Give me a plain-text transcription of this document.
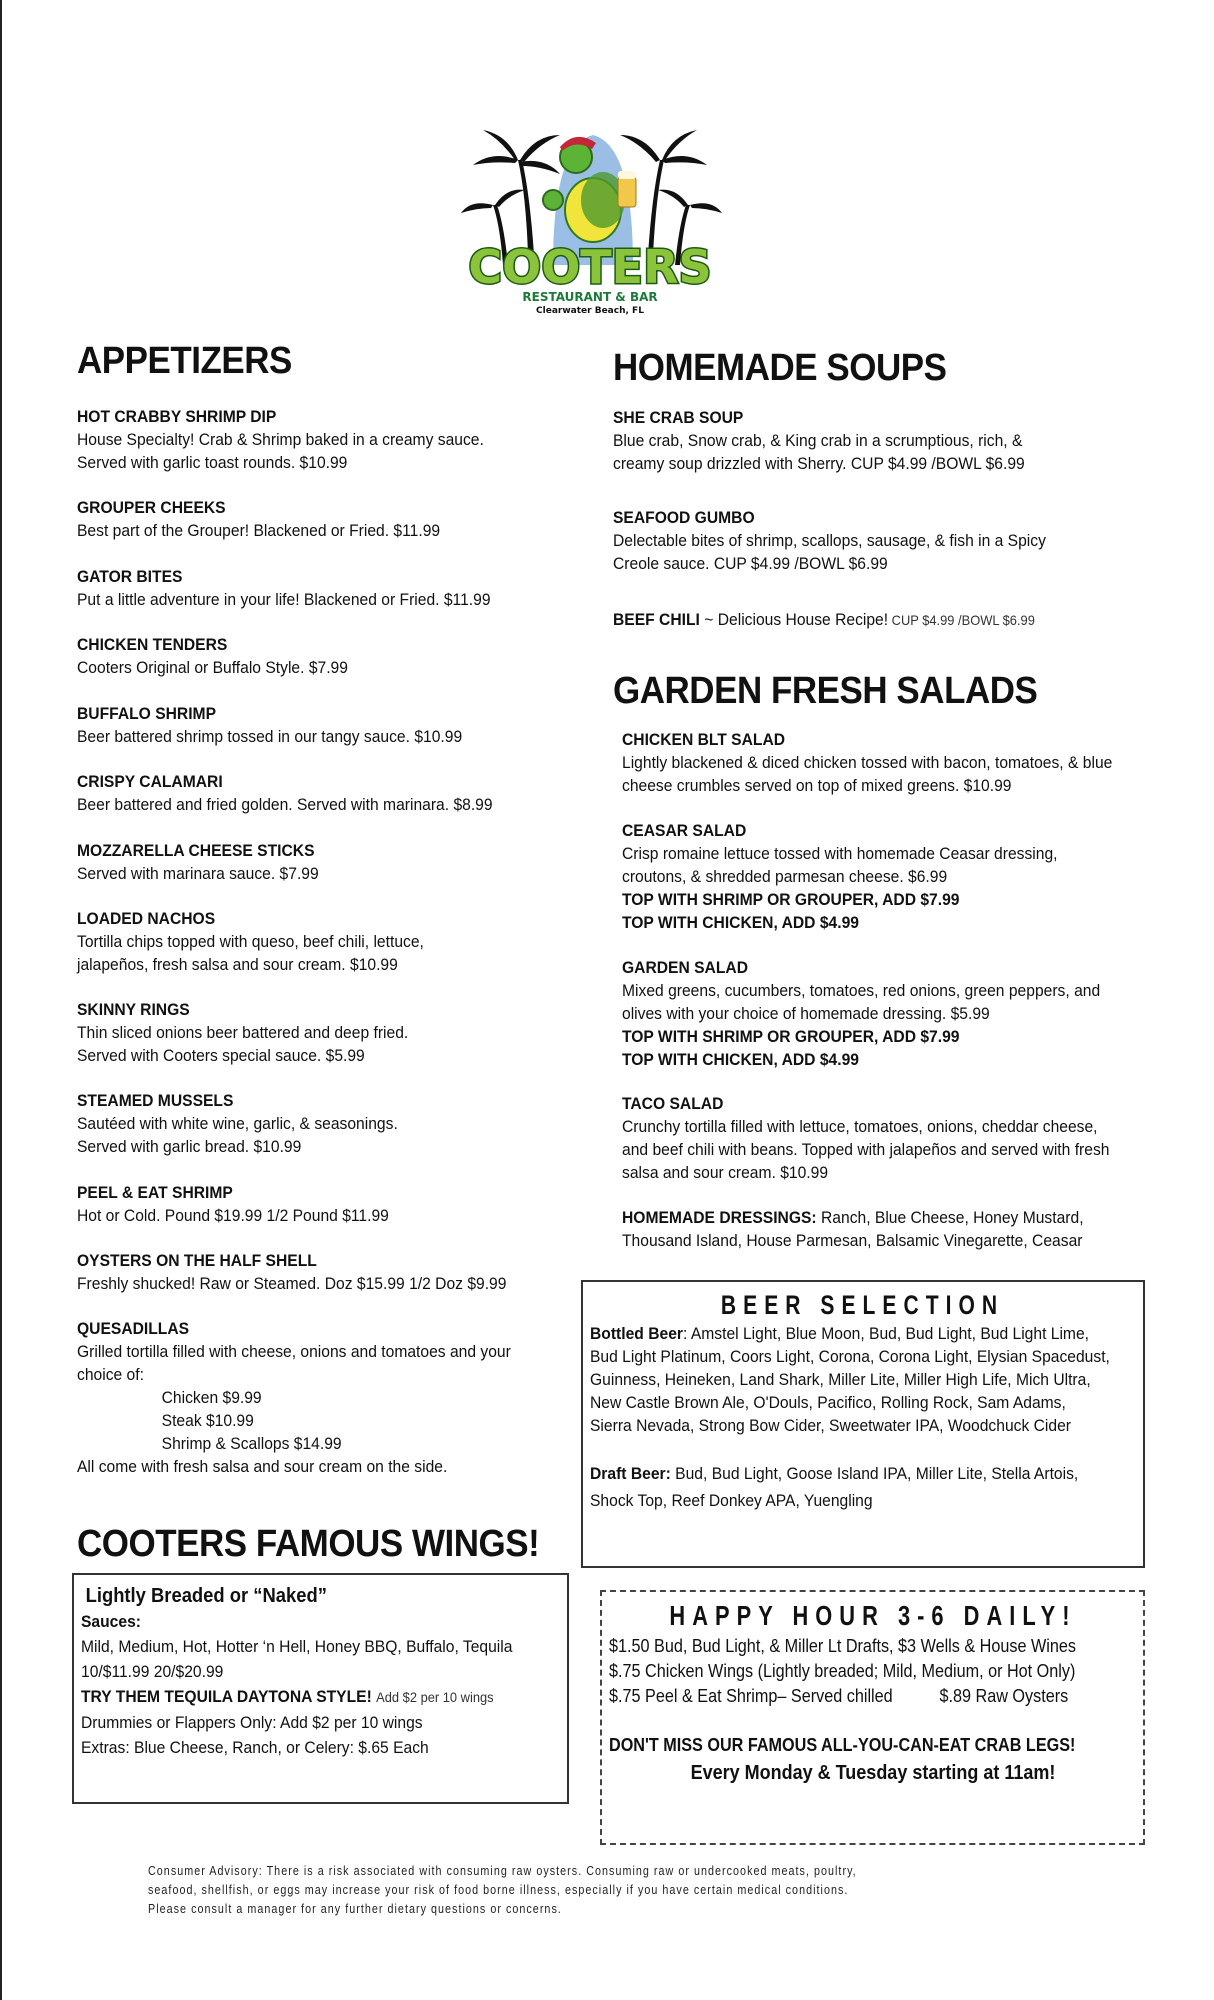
COOTERS
RESTAURANT & BAR
Clearwater Beach, FL
APPETIZERS
HOT CRABBY SHRIMP DIP
House Specialty! Crab & Shrimp baked in a creamy sauce.
Served with garlic toast rounds. $10.99
GROUPER CHEEKS
Best part of the Grouper! Blackened or Fried. $11.99
GATOR BITES
Put a little adventure in your life! Blackened or Fried. $11.99
CHICKEN TENDERS
Cooters Original or Buffalo Style. $7.99
BUFFALO SHRIMP
Beer battered shrimp tossed in our tangy sauce. $10.99
CRISPY CALAMARI
Beer battered and fried golden. Served with marinara. $8.99
MOZZARELLA CHEESE STICKS
Served with marinara sauce. $7.99
LOADED NACHOS
Tortilla chips topped with queso, beef chili, lettuce,
jalapeños, fresh salsa and sour cream. $10.99
SKINNY RINGS
Thin sliced onions beer battered and deep fried.
Served with Cooters special sauce. $5.99
STEAMED MUSSELS
Sautéed with white wine, garlic, & seasonings.
Served with garlic bread. $10.99
PEEL & EAT SHRIMP
Hot or Cold. Pound $19.99 1/2 Pound $11.99
OYSTERS ON THE HALF SHELL
Freshly shucked! Raw or Steamed. Doz $15.99 1/2 Doz $9.99
QUESADILLAS
Grilled tortilla filled with cheese, onions and tomatoes and your
choice of:
Chicken $9.99
Steak $10.99
Shrimp & Scallops $14.99
All come with fresh salsa and sour cream on the side.
COOTERS FAMOUS WINGS!
Lightly Breaded or “Naked”
Sauces:
Mild, Medium, Hot, Hotter ‘n Hell, Honey BBQ, Buffalo, Tequila
10/$11.99 20/$20.99
TRY THEM TEQUILA DAYTONA STYLE! Add $2 per 10 wings
Drummies or Flappers Only: Add $2 per 10 wings
Extras: Blue Cheese, Ranch, or Celery: $.65 Each
HOMEMADE SOUPS
SHE CRAB SOUP
Blue crab, Snow crab, & King crab in a scrumptious, rich, &
creamy soup drizzled with Sherry. CUP $4.99 /BOWL $6.99
SEAFOOD GUMBO
Delectable bites of shrimp, scallops, sausage, & fish in a Spicy
Creole sauce. CUP $4.99 /BOWL $6.99
BEEF CHILI ~ Delicious House Recipe! CUP $4.99 /BOWL $6.99
GARDEN FRESH SALADS
CHICKEN BLT SALAD
Lightly blackened & diced chicken tossed with bacon, tomatoes, & blue
cheese crumbles served on top of mixed greens. $10.99
CEASAR SALAD
Crisp romaine lettuce tossed with homemade Ceasar dressing,
croutons, & shredded parmesan cheese. $6.99
TOP WITH SHRIMP OR GROUPER, ADD $7.99
TOP WITH CHICKEN, ADD $4.99
GARDEN SALAD
Mixed greens, cucumbers, tomatoes, red onions, green peppers, and
olives with your choice of homemade dressing. $5.99
TOP WITH SHRIMP OR GROUPER, ADD $7.99
TOP WITH CHICKEN, ADD $4.99
TACO SALAD
Crunchy tortilla filled with lettuce, tomatoes, onions, cheddar cheese,
and beef chili with beans. Topped with jalapeños and served with fresh
salsa and sour cream. $10.99
HOMEMADE DRESSINGS: Ranch, Blue Cheese, Honey Mustard,
Thousand Island, House Parmesan, Balsamic Vinegarette, Ceasar
BEER SELECTION
Bottled Beer: Amstel Light, Blue Moon, Bud, Bud Light, Bud Light Lime,
Bud Light Platinum, Coors Light, Corona, Corona Light, Elysian Spacedust,
Guinness, Heineken, Land Shark, Miller Lite, Miller High Life, Mich Ultra,
New Castle Brown Ale, O'Douls, Pacifico, Rolling Rock, Sam Adams,
Sierra Nevada, Strong Bow Cider, Sweetwater IPA, Woodchuck Cider
Draft Beer: Bud, Bud Light, Goose Island IPA, Miller Lite, Stella Artois,
Shock Top, Reef Donkey APA, Yuengling
HAPPY HOUR 3-6 DAILY!
$1.50 Bud, Bud Light, & Miller Lt Drafts, $3 Wells & House Wines
$.75 Chicken Wings (Lightly breaded; Mild, Medium, or Hot Only)
$.75 Peel & Eat Shrimp– Served chilled	$.89 Raw Oysters
DON'T MISS OUR FAMOUS ALL-YOU-CAN-EAT CRAB LEGS!
Every Monday & Tuesday starting at 11am!
Consumer Advisory: There is a risk associated with consuming raw oysters. Consuming raw or undercooked meats, poultry,
seafood, shellfish, or eggs may increase your risk of food borne illness, especially if you have certain medical conditions.
Please consult a manager for any further dietary questions or concerns.
